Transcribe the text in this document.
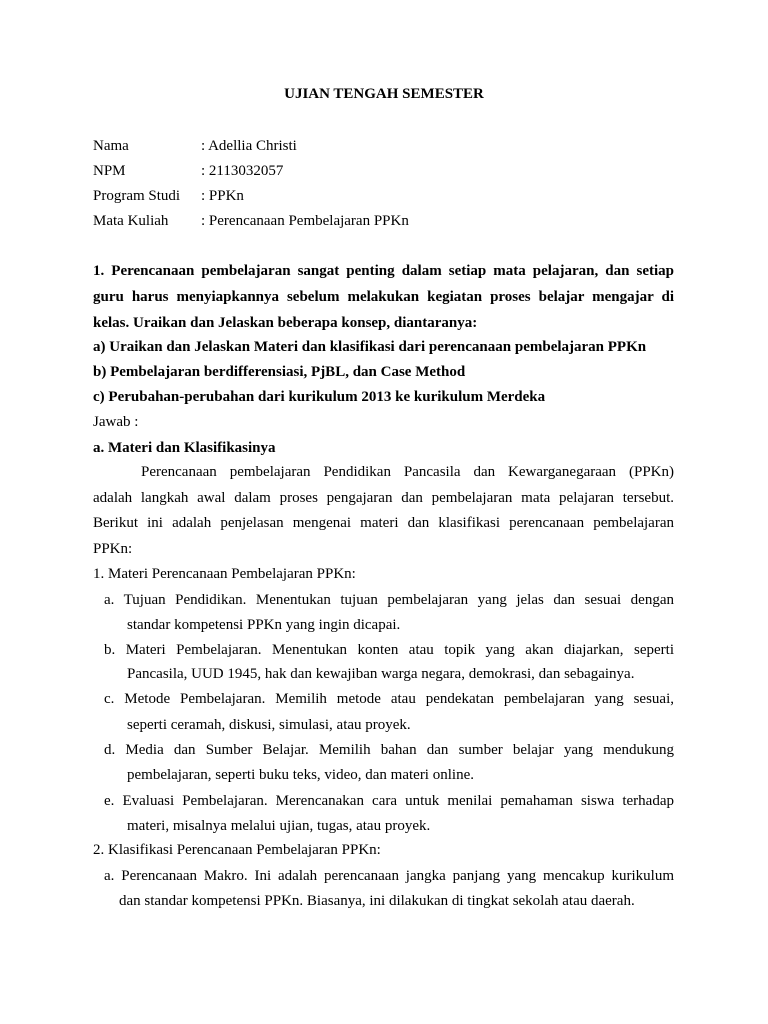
UJIAN TENGAH SEMESTER
Nama	: Adellia Christi
NPM	: 2113032057
Program Studi : PPKn
Mata Kuliah : Perencanaan Pembelajaran PPKn
1. Perencanaan pembelajaran sangat penting dalam setiap mata pelajaran, dan setiap
guru harus menyiapkannya sebelum melakukan kegiatan proses belajar mengajar di
kelas. Uraikan dan Jelaskan beberapa konsep, diantaranya:
a) Uraikan dan Jelaskan Materi dan klasifikasi dari perencanaan pembelajaran PPKn
b) Pembelajaran berdifferensiasi, PjBL, dan Case Method
c) Perubahan-perubahan dari kurikulum 2013 ke kurikulum Merdeka
Jawab :
a. Materi dan Klasifikasinya
Perencanaan pembelajaran Pendidikan Pancasila dan Kewarganegaraan (PPKn)
adalah langkah awal dalam proses pengajaran dan pembelajaran mata pelajaran tersebut.
Berikut ini adalah penjelasan mengenai materi dan klasifikasi perencanaan pembelajaran
PPKn:
1. Materi Perencanaan Pembelajaran PPKn:
a. Tujuan Pendidikan. Menentukan tujuan pembelajaran yang jelas dan sesuai dengan
standar kompetensi PPKn yang ingin dicapai.
b. Materi Pembelajaran. Menentukan konten atau topik yang akan diajarkan, seperti
Pancasila, UUD 1945, hak dan kewajiban warga negara, demokrasi, dan sebagainya.
c. Metode Pembelajaran. Memilih metode atau pendekatan pembelajaran yang sesuai,
seperti ceramah, diskusi, simulasi, atau proyek.
d. Media dan Sumber Belajar. Memilih bahan dan sumber belajar yang mendukung
pembelajaran, seperti buku teks, video, dan materi online.
e. Evaluasi Pembelajaran. Merencanakan cara untuk menilai pemahaman siswa terhadap
materi, misalnya melalui ujian, tugas, atau proyek.
2. Klasifikasi Perencanaan Pembelajaran PPKn:
a. Perencanaan Makro. Ini adalah perencanaan jangka panjang yang mencakup kurikulum
dan standar kompetensi PPKn. Biasanya, ini dilakukan di tingkat sekolah atau daerah.
